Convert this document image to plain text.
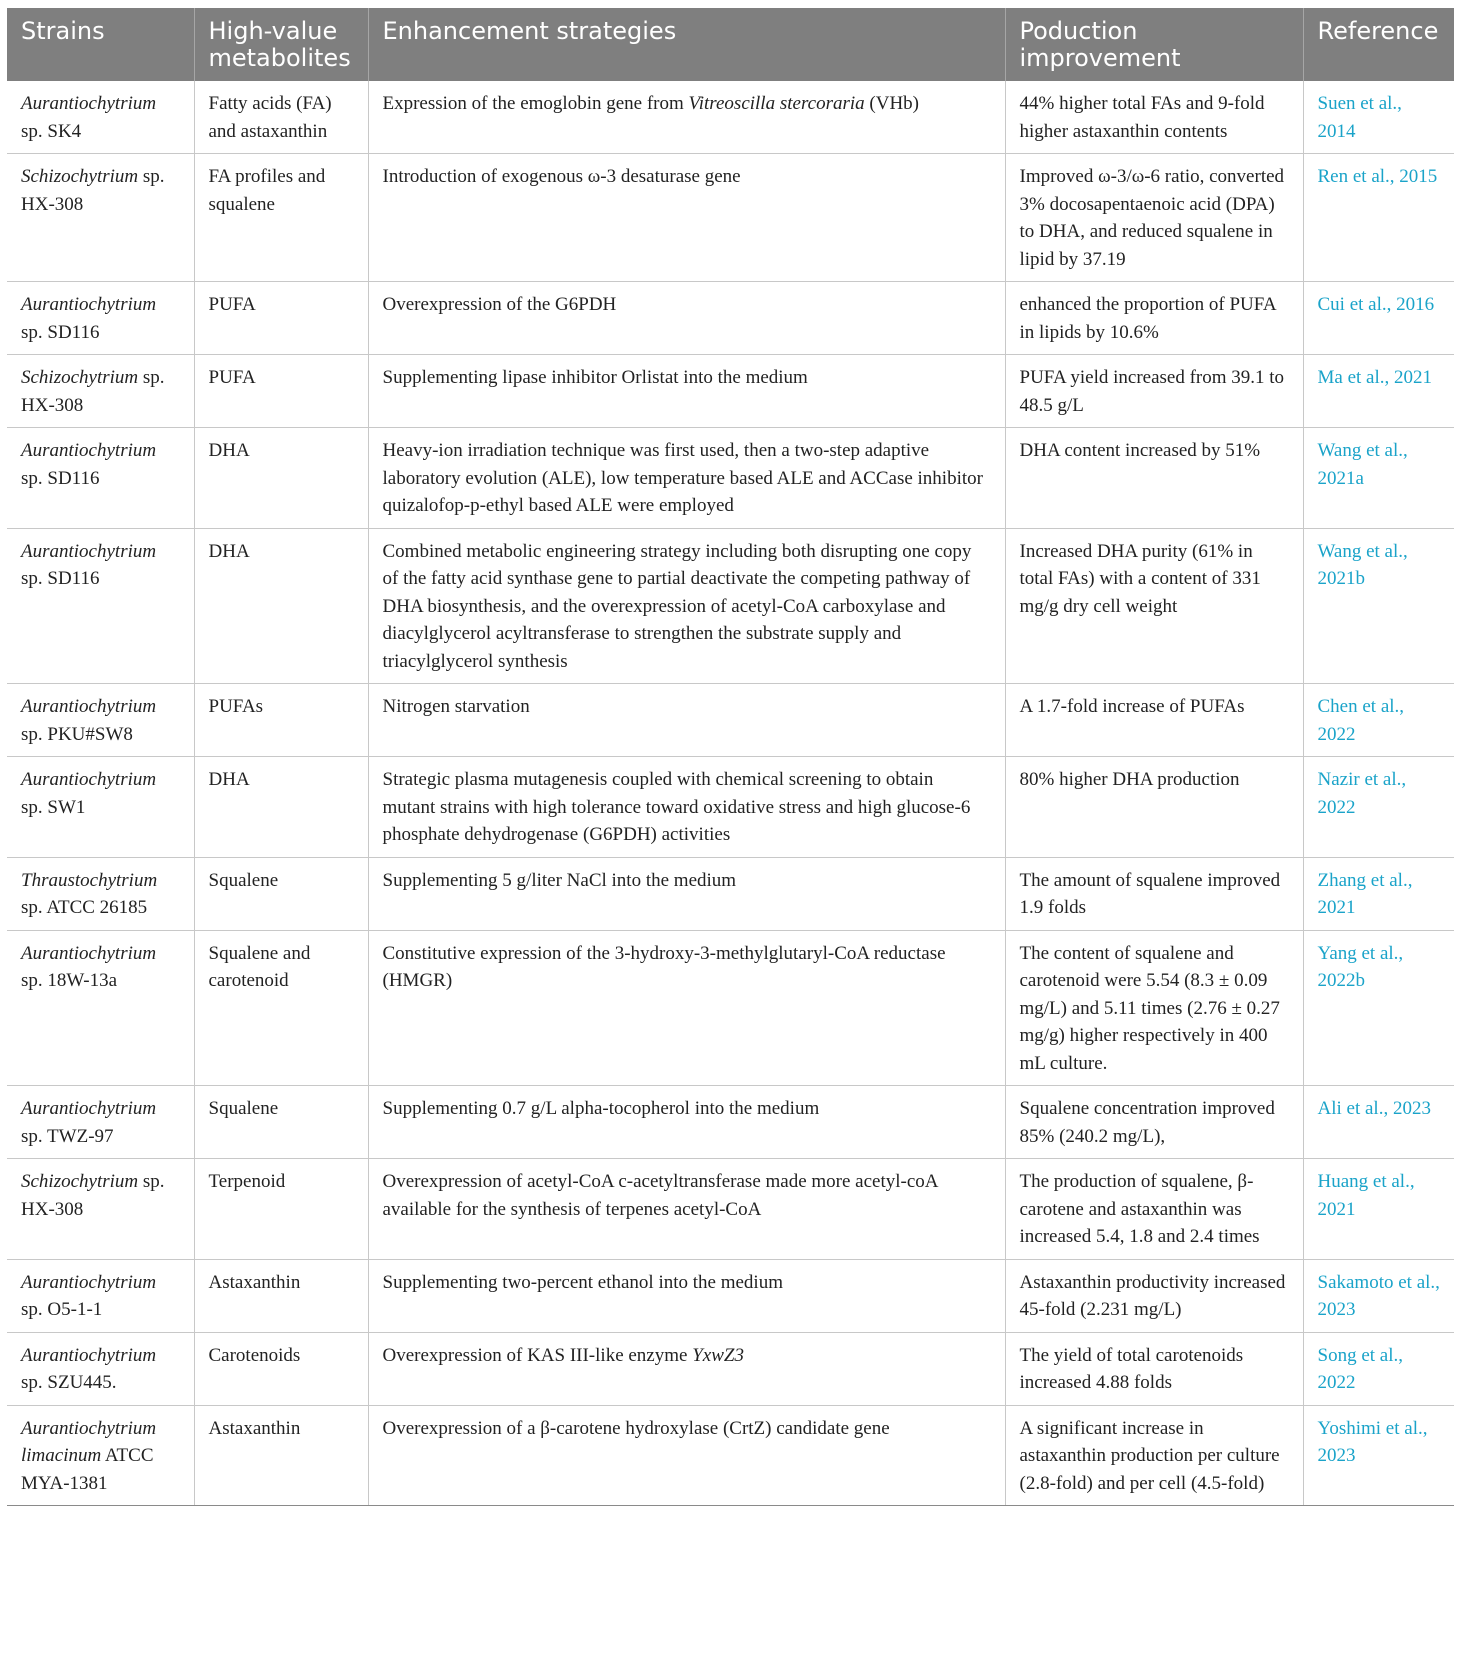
Strains	High-value metabolites	Enhancement strategies	Poduction improvement	Reference
Aurantiochytrium sp. SK4	Fatty acids (FA) and astaxanthin	Expression of the emoglobin gene from Vitreoscilla stercoraria (VHb)	44% higher total FAs and 9-fold higher astaxanthin contents	Suen et al., 2014
Schizochytrium sp. HX-308	FA profiles and squalene	Introduction of exogenous ω-3 desaturase gene	Improved ω-3/ω-6 ratio, converted 3% docosapentaenoic acid (DPA) to DHA, and reduced squalene in lipid by 37.19	Ren et al., 2015
Aurantiochytrium sp. SD116	PUFA	Overexpression of the G6PDH	enhanced the proportion of PUFA in lipids by 10.6%	Cui et al., 2016
Schizochytrium sp. HX-308	PUFA	Supplementing lipase inhibitor Orlistat into the medium	PUFA yield increased from 39.1 to 48.5 g/L	Ma et al., 2021
Aurantiochytrium sp. SD116	DHA	Heavy-ion irradiation technique was first used, then a two-step adaptive laboratory evolution (ALE), low temperature based ALE and ACCase inhibitor quizalofop-p-ethyl based ALE were employed	DHA content increased by 51%	Wang et al., 2021a
Aurantiochytrium sp. SD116	DHA	Combined metabolic engineering strategy including both disrupting one copy of the fatty acid synthase gene to partial deactivate the competing pathway of DHA biosynthesis, and the overexpression of acetyl-CoA carboxylase and diacylglycerol acyltransferase to strengthen the substrate supply and triacylglycerol synthesis	Increased DHA purity (61% in total FAs) with a content of 331 mg/g dry cell weight	Wang et al., 2021b
Aurantiochytrium sp. PKU#SW8	PUFAs	Nitrogen starvation	A 1.7-fold increase of PUFAs	Chen et al., 2022
Aurantiochytrium sp. SW1	DHA	Strategic plasma mutagenesis coupled with chemical screening to obtain mutant strains with high tolerance toward oxidative stress and high glucose-6 phosphate dehydrogenase (G6PDH) activities	80% higher DHA production	Nazir et al., 2022
Thraustochytrium sp. ATCC 26185	Squalene	Supplementing 5 g/liter NaCl into the medium	The amount of squalene improved 1.9 folds	Zhang et al., 2021
Aurantiochytrium sp. 18W-13a	Squalene and carotenoid	Constitutive expression of the 3-hydroxy-3-methylglutaryl-CoA reductase (HMGR)	The content of squalene and carotenoid were 5.54 (8.3 ± 0.09 mg/L) and 5.11 times (2.76 ± 0.27 mg/g) higher respectively in 400 mL culture.	Yang et al., 2022b
Aurantiochytrium sp. TWZ-97	Squalene	Supplementing 0.7 g/L alpha-tocopherol into the medium	Squalene concentration improved 85% (240.2 mg/L),	Ali et al., 2023
Schizochytrium sp. HX-308	Terpenoid	Overexpression of acetyl-CoA c-acetyltransferase made more acetyl-coA available for the synthesis of terpenes acetyl-CoA	The production of squalene, β-carotene and astaxanthin was increased 5.4, 1.8 and 2.4 times	Huang et al., 2021
Aurantiochytrium sp. O5-1-1	Astaxanthin	Supplementing two-percent ethanol into the medium	Astaxanthin productivity increased 45-fold (2.231 mg/L)	Sakamoto et al., 2023
Aurantiochytrium sp. SZU445.	Carotenoids	Overexpression of KAS III-like enzyme YxwZ3	The yield of total carotenoids increased 4.88 folds	Song et al., 2022
Aurantiochytrium limacinum ATCC MYA-1381	Astaxanthin	Overexpression of a β-carotene hydroxylase (CrtZ) candidate gene	A significant increase in astaxanthin production per culture (2.8-fold) and per cell (4.5-fold)	Yoshimi et al., 2023
